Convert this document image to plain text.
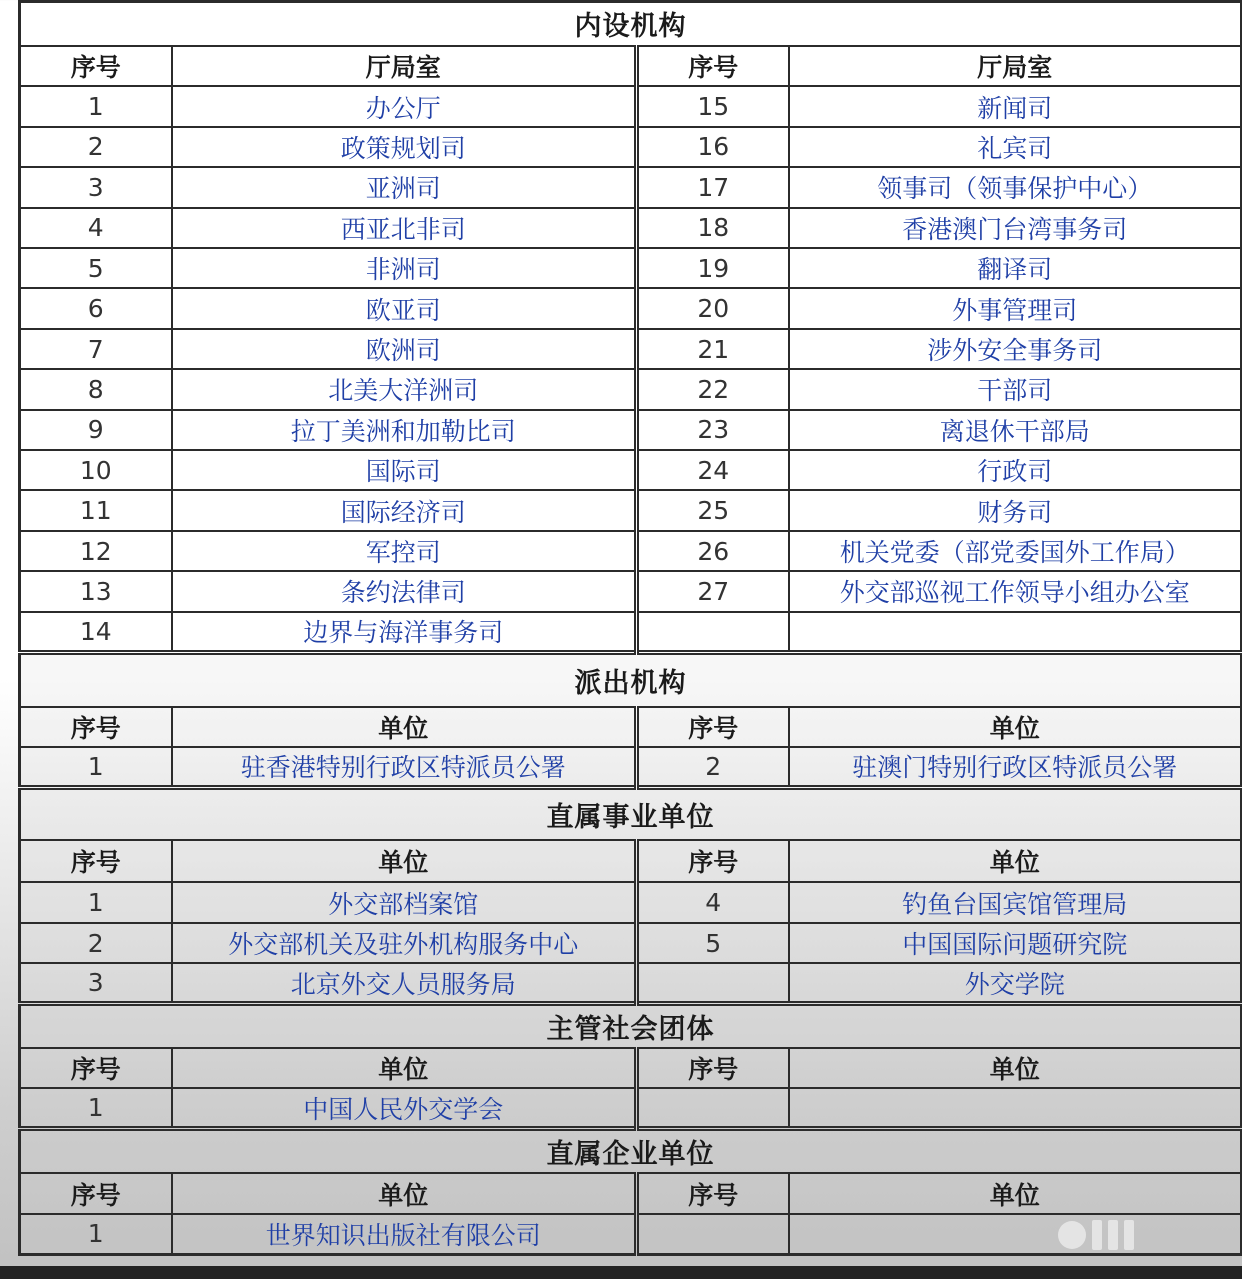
内设机构			
序号	厅局室	序号	厅局室
1	办公厅	15	新闻司
2	政策规划司	16	礼宾司
3	亚洲司	17	领事司（领事保护中心）
4	西亚北非司	18	香港澳门台湾事务司
5	非洲司	19	翻译司
6	欧亚司	20	外事管理司
7	欧洲司	21	涉外安全事务司
8	北美大洋洲司	22	干部司
9	拉丁美洲和加勒比司	23	离退休干部局
10	国际司	24	行政司
11	国际经济司	25	财务司
12	军控司	26	机关党委（部党委国外工作局）
13	条约法律司	27	外交部巡视工作领导小组办公室
14	边界与海洋事务司		
派出机构			
序号	单位	序号	单位
1	驻香港特别行政区特派员公署	2	驻澳门特别行政区特派员公署
直属事业单位			
序号	单位	序号	单位
1	外交部档案馆	4	钓鱼台国宾馆管理局
2	外交部机关及驻外机构服务中心	5	中国国际问题研究院
3	北京外交人员服务局		外交学院
主管社会团体			
序号	单位	序号	单位
1	中国人民外交学会		
直属企业单位			
序号	单位	序号	单位
1	世界知识出版社有限公司		
